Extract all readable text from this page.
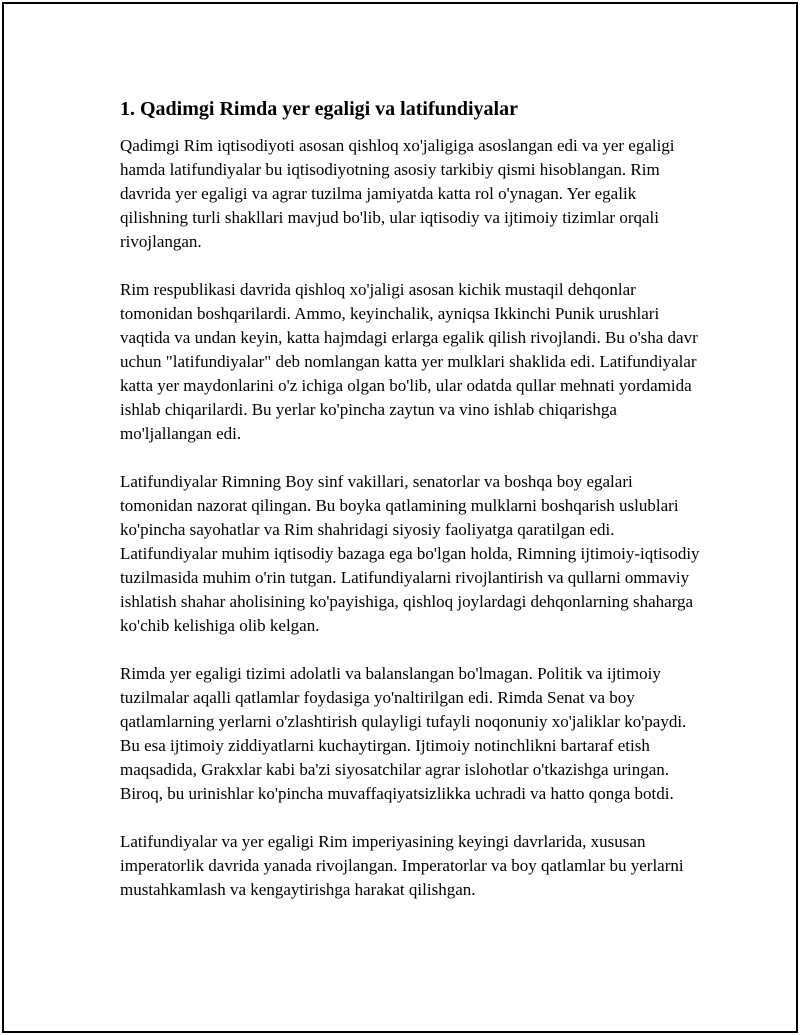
1. Qadimgi Rimda yer egaligi va latifundiyalar

Qadimgi Rim iqtisodiyoti asosan qishloq xo'jaligiga asoslangan edi va yer egaligi hamda latifundiyalar bu iqtisodiyotning asosiy tarkibiy qismi hisoblangan. Rim davrida yer egaligi va agrar tuzilma jamiyatda katta rol o'ynagan. Yer egalik qilishning turli shakllari mavjud bo'lib, ular iqtisodiy va ijtimoiy tizimlar orqali rivojlangan.

Rim respublikasi davrida qishloq xo'jaligi asosan kichik mustaqil dehqonlar tomonidan boshqarilardi. Ammo, keyinchalik, ayniqsa Ikkinchi Punik urushlari vaqtida va undan keyin, katta hajmdagi erlarga egalik qilish rivojlandi. Bu o'sha davr uchun "latifundiyalar" deb nomlangan katta yer mulklari shaklida edi. Latifundiyalar katta yer maydonlarini o'z ichiga olgan bo'lib, ular odatda qullar mehnati yordamida ishlab chiqarilardi. Bu yerlar ko'pincha zaytun va vino ishlab chiqarishga mo'ljallangan edi.

Latifundiyalar Rimning Boy sinf vakillari, senatorlar va boshqa boy egalari tomonidan nazorat qilingan. Bu boyka qatlamining mulklarni boshqarish uslublari ko'pincha sayohatlar va Rim shahridagi siyosiy faoliyatga qaratilgan edi. Latifundiyalar muhim iqtisodiy bazaga ega bo'lgan holda, Rimning ijtimoiy-iqtisodiy tuzilmasida muhim o'rin tutgan. Latifundiyalarni rivojlantirish va qullarni ommaviy ishlatish shahar aholisining ko'payishiga, qishloq joylardagi dehqonlarning shaharga ko'chib kelishiga olib kelgan.

Rimda yer egaligi tizimi adolatli va balanslangan bo'lmagan. Politik va ijtimoiy tuzilmalar aqalli qatlamlar foydasiga yo'naltirilgan edi. Rimda Senat va boy qatlamlarning yerlarni o'zlashtirish qulayligi tufayli noqonuniy xo'jaliklar ko'paydi. Bu esa ijtimoiy ziddiyatlarni kuchaytirgan. Ijtimoiy notinchlikni bartaraf etish maqsadida, Grakxlar kabi ba'zi siyosatchilar agrar islohotlar o'tkazishga uringan. Biroq, bu urinishlar ko'pincha muvaffaqiyatsizlikka uchradi va hatto qonga botdi.

Latifundiyalar va yer egaligi Rim imperiyasining keyingi davrlarida, xususan imperatorlik davrida yanada rivojlangan. Imperatorlar va boy qatlamlar bu yerlarni mustahkamlash va kengaytirishga harakat qilishgan.
